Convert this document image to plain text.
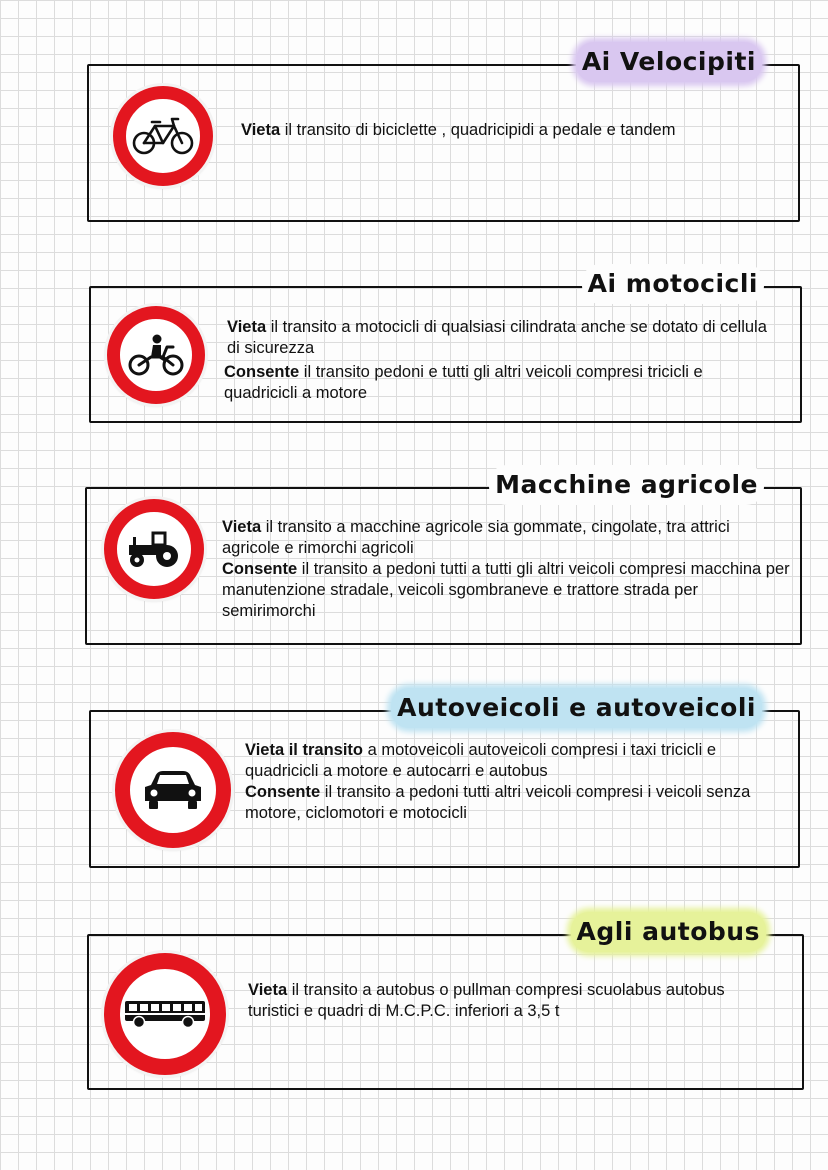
Ai Velocipiti

Vieta il transito di biciclette , quadricipidi a pedale e tandem

Ai motocicli

Vieta il transito a motocicli di qualsiasi cilindrata anche se dotato di cellula di sicurezza

Consente il transito pedoni e tutti gli altri veicoli compresi tricicli e quadricicli a motore

Macchine agricole

Vieta il transito a macchine agricole sia gommate, cingolate, tra attrici agricole e rimorchi agricoli

Consente il transito a pedoni tutti a tutti gli altri veicoli compresi macchina per manutenzione stradale, veicoli sgombraneve e trattore strada per semirimorchi

Autoveicoli e autoveicoli

Vieta il transito a motoveicoli autoveicoli compresi i taxi tricicli e quadricicli a motore e autocarri e autobus

Consente il transito a pedoni tutti altri veicoli compresi i veicoli senza motore, ciclomotori e motocicli

Agli autobus

Vieta il transito a autobus o pullman compresi scuolabus autobus turistici e quadri di M.C.P.C. inferiori a 3,5 t
